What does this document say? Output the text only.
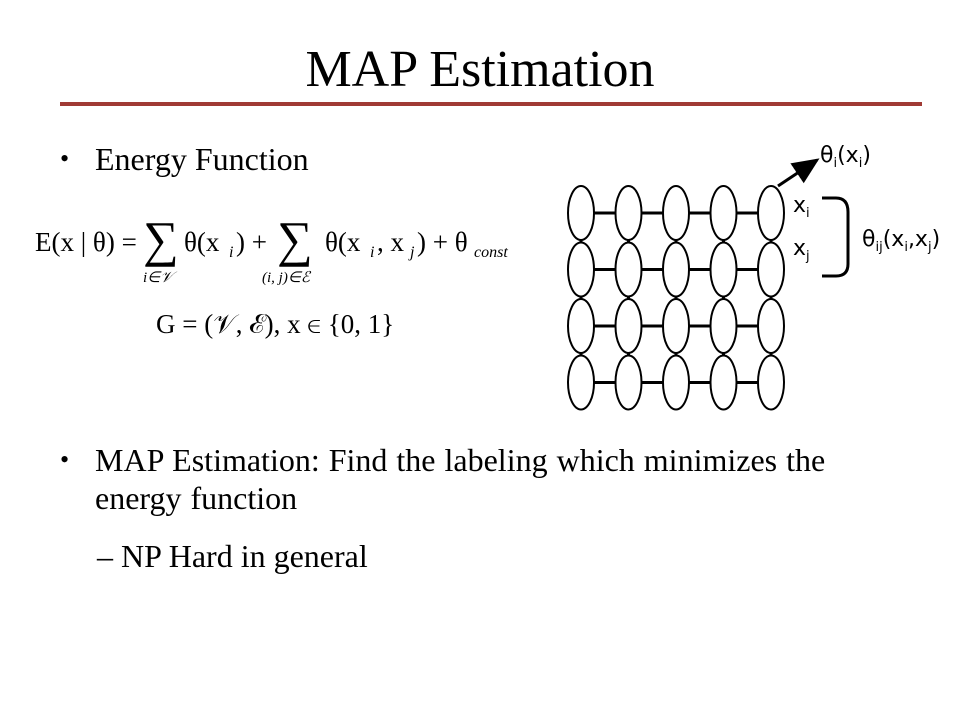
MAP Estimation
• Energy Function
E(x | θ) = ∑
i∈𝒱
θ(x i ) + ∑
(i, j)∈ℰ
θ(x i , x j ) + θ const
G = (𝒱, ℰ), x ∈ {0, 1}
• MAP Estimation: Find the labeling which minimizes the energy function
– NP Hard in general
$\theta_i(x_i)$
$x_i$
$x_j$
$\theta_{ij}(x_i,x_j)$
